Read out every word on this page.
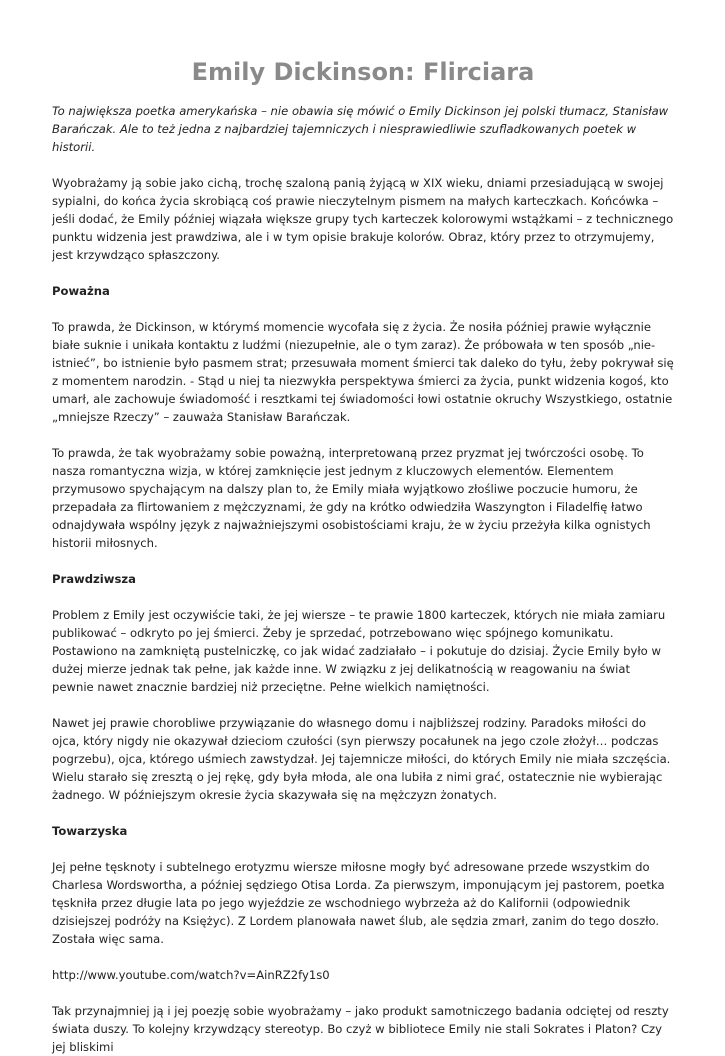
Emily Dickinson: Flirciara

To największa poetka amerykańska – nie obawia się mówić o Emily Dickinson jej polski tłumacz, Stanisław Barańczak. Ale to też jedna z najbardziej tajemniczych i niesprawiedliwie szufladkowanych poetek w historii.

Wyobrażamy ją sobie jako cichą, trochę szaloną panią żyjącą w XIX wieku, dniami przesiadującą w swojej sypialni, do końca życia skrobiącą coś prawie nieczytelnym pismem na małych karteczkach. Końcówka – jeśli dodać, że Emily później wiązała większe grupy tych karteczek kolorowymi wstążkami – z technicznego punktu widzenia jest prawdziwa, ale i w tym opisie brakuje kolorów. Obraz, który przez to otrzymujemy, jest krzywdząco spłaszczony.

Poważna

To prawda, że Dickinson, w którymś momencie wycofała się z życia. Że nosiła później prawie wyłącznie białe suknie i unikała kontaktu z ludźmi (niezupełnie, ale o tym zaraz). Że próbowała w ten sposób „nie-istnieć”, bo istnienie było pasmem strat; przesuwała moment śmierci tak daleko do tyłu, żeby pokrywał się z momentem narodzin. - Stąd u niej ta niezwykła perspektywa śmierci za życia, punkt widzenia kogoś, kto umarł, ale zachowuje świadomość i resztkami tej świadomości łowi ostatnie okruchy Wszystkiego, ostatnie „mniejsze Rzeczy” – zauważa Stanisław Barańczak.

To prawda, że tak wyobrażamy sobie poważną, interpretowaną przez pryzmat jej twórczości osobę. To nasza romantyczna wizja, w której zamknięcie jest jednym z kluczowych elementów. Elementem przymusowo spychającym na dalszy plan to, że Emily miała wyjątkowo złośliwe poczucie humoru, że przepadała za flirtowaniem z mężczyznami, że gdy na krótko odwiedziła Waszyngton i Filadelfię łatwo odnajdywała wspólny język z najważniejszymi osobistościami kraju, że w życiu przeżyła kilka ognistych historii miłosnych.

Prawdziwsza

Problem z Emily jest oczywiście taki, że jej wiersze – te prawie 1800 karteczek, których nie miała zamiaru publikować – odkryto po jej śmierci. Żeby je sprzedać, potrzebowano więc spójnego komunikatu. Postawiono na zamkniętą pustelniczkę, co jak widać zadziałało – i pokutuje do dzisiaj. Życie Emily było w dużej mierze jednak tak pełne, jak każde inne. W związku z jej delikatnością w reagowaniu na świat pewnie nawet znacznie bardziej niż przeciętne. Pełne wielkich namiętności.

Nawet jej prawie chorobliwe przywiązanie do własnego domu i najbliższej rodziny. Paradoks miłości do ojca, który nigdy nie okazywał dzieciom czułości (syn pierwszy pocałunek na jego czole złożył… podczas pogrzebu), ojca, którego uśmiech zawstydzał. Jej tajemnicze miłości, do których Emily nie miała szczęścia. Wielu starało się zresztą o jej rękę, gdy była młoda, ale ona lubiła z nimi grać, ostatecznie nie wybierając żadnego. W późniejszym okresie życia skazywała się na mężczyzn żonatych.

Towarzyska

Jej pełne tęsknoty i subtelnego erotyzmu wiersze miłosne mogły być adresowane przede wszystkim do Charlesa Wordswortha, a później sędziego Otisa Lorda. Za pierwszym, imponującym jej pastorem, poetka tęskniła przez długie lata po jego wyjeździe ze wschodniego wybrzeża aż do Kalifornii (odpowiednik dzisiejszej podróży na Księżyc). Z Lordem planowała nawet ślub, ale sędzia zmarł, zanim do tego doszło. Została więc sama.

http://www.youtube.com/watch?v=AinRZ2fy1s0

Tak przynajmniej ją i jej poezję sobie wyobrażamy – jako produkt samotniczego badania odciętej od reszty świata duszy. To kolejny krzywdzący stereotyp. Bo czyż w bibliotece Emily nie stali Sokrates i Platon? Czy jej bliskimi
